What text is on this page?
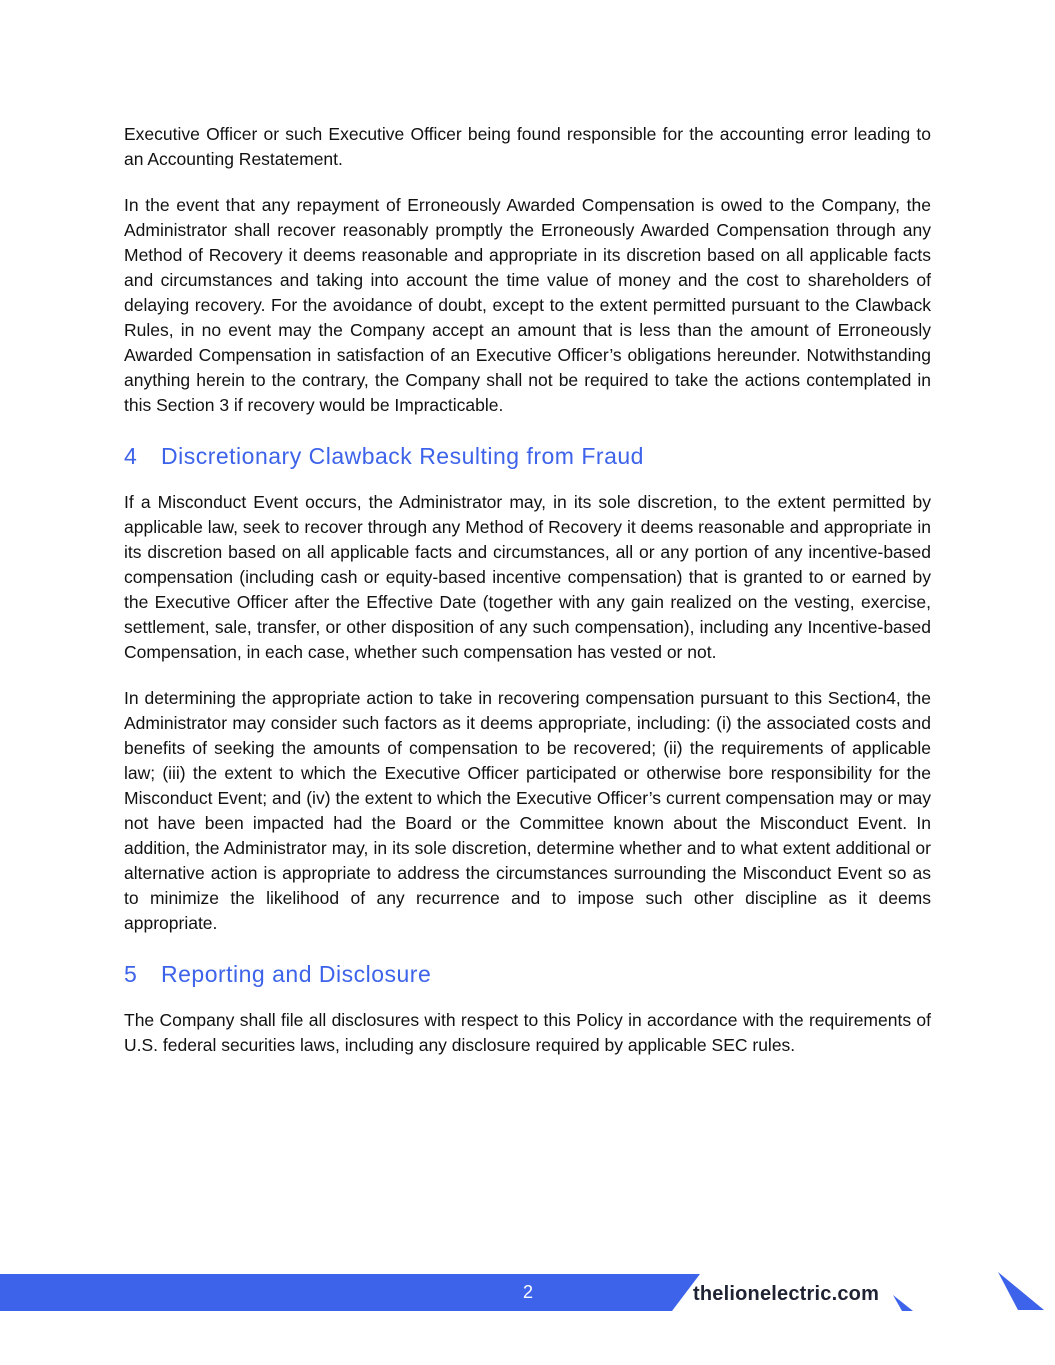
Executive Officer or such Executive Officer being found responsible for the accounting error leading to an Accounting Restatement.

In the event that any repayment of Erroneously Awarded Compensation is owed to the Company, the Administrator shall recover reasonably promptly the Erroneously Awarded Compensation through any Method of Recovery it deems reasonable and appropriate in its discretion based on all applicable facts and circumstances and taking into account the time value of money and the cost to shareholders of delaying recovery. For the avoidance of doubt, except to the extent permitted pursuant to the Clawback Rules, in no event may the Company accept an amount that is less than the amount of Erroneously Awarded Compensation in satisfaction of an Executive Officer’s obligations hereunder. Notwithstanding anything herein to the contrary, the Company shall not be required to take the actions contemplated in this Section 3 if recovery would be Impracticable.

4 Discretionary Clawback Resulting from Fraud

If a Misconduct Event occurs, the Administrator may, in its sole discretion, to the extent permitted by applicable law, seek to recover through any Method of Recovery it deems reasonable and appropriate in its discretion based on all applicable facts and circumstances, all or any portion of any incentive-based compensation (including cash or equity-based incentive compensation) that is granted to or earned by the Executive Officer after the Effective Date (together with any gain realized on the vesting, exercise, settlement, sale, transfer, or other disposition of any such compensation), including any Incentive-based Compensation, in each case, whether such compensation has vested or not.

In determining the appropriate action to take in recovering compensation pursuant to this Section4, the Administrator may consider such factors as it deems appropriate, including: (i) the associated costs and benefits of seeking the amounts of compensation to be recovered; (ii) the requirements of applicable law; (iii) the extent to which the Executive Officer participated or otherwise bore responsibility for the Misconduct Event; and (iv) the extent to which the Executive Officer’s current compensation may or may not have been impacted had the Board or the Committee known about the Misconduct Event. In addition, the Administrator may, in its sole discretion, determine whether and to what extent additional or alternative action is appropriate to address the circumstances surrounding the Misconduct Event so as to minimize the likelihood of any recurrence and to impose such other discipline as it deems appropriate.

5 Reporting and Disclosure

The Company shall file all disclosures with respect to this Policy in accordance with the requirements of U.S. federal securities laws, including any disclosure required by applicable SEC rules.

2	thelionelectric.com
